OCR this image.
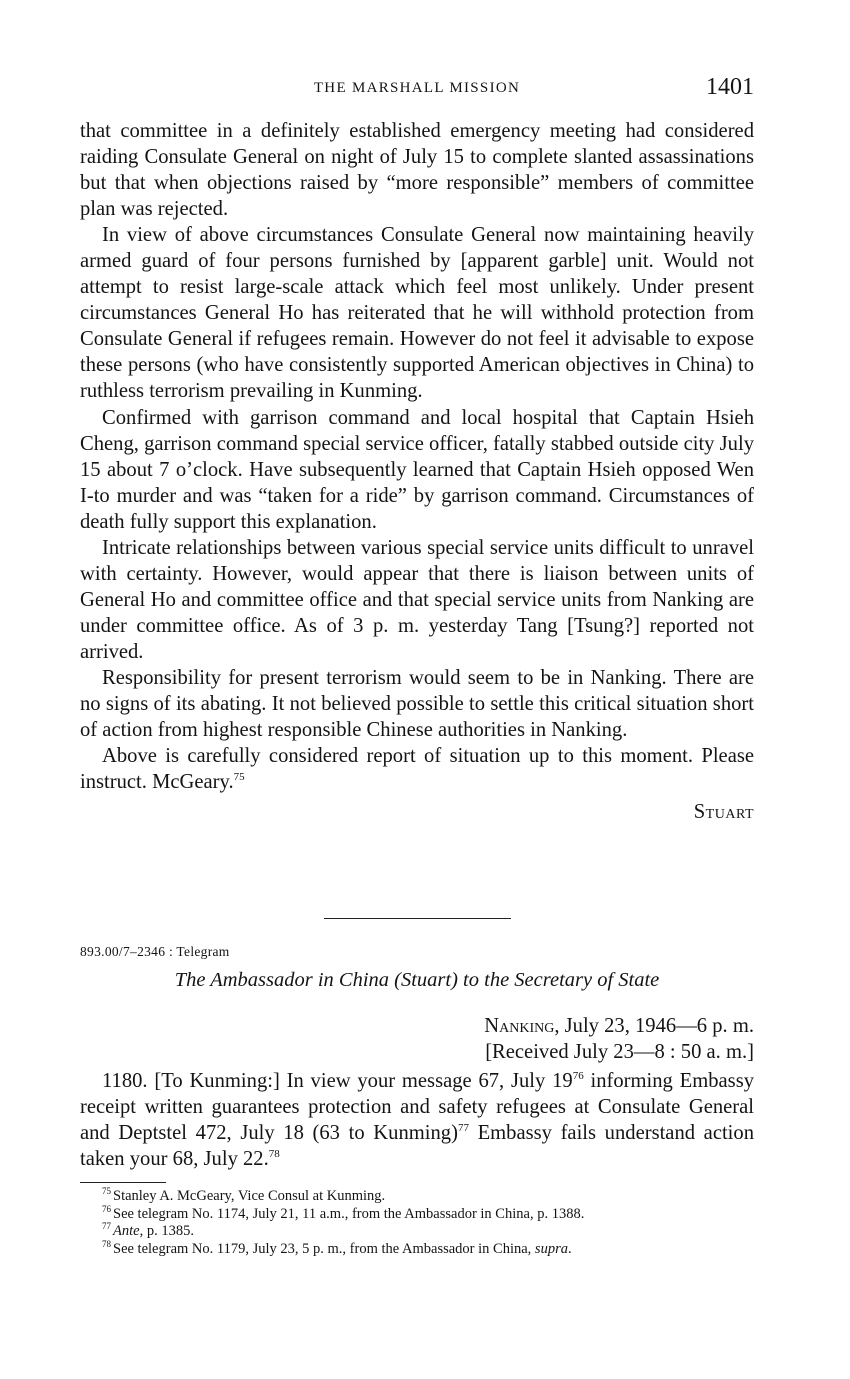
THE MARSHALL MISSION	1401

that committee in a definitely established emergency meeting had considered raiding Consulate General on night of July 15 to complete slanted assassinations but that when objections raised by “more responsible” members of committee plan was rejected.

In view of above circumstances Consulate General now maintaining heavily armed guard of four persons furnished by [apparent garble] unit. Would not attempt to resist large-scale attack which feel most unlikely. Under present circumstances General Ho has reiterated that he will withhold protection from Consulate General if refugees remain. However do not feel it advisable to expose these persons (who have consistently supported American objectives in China) to ruthless terrorism prevailing in Kunming.

Confirmed with garrison command and local hospital that Captain Hsieh Cheng, garrison command special service officer, fatally stabbed outside city July 15 about 7 o’clock. Have subsequently learned that Captain Hsieh opposed Wen I-to murder and was “taken for a ride” by garrison command. Circumstances of death fully support this explanation.

Intricate relationships between various special service units difficult to unravel with certainty. However, would appear that there is liaison between units of General Ho and committee office and that special service units from Nanking are under committee office. As of 3 p. m. yesterday Tang [Tsung?] reported not arrived.

Responsibility for present terrorism would seem to be in Nanking. There are no signs of its abating. It not believed possible to settle this critical situation short of action from highest responsible Chinese authorities in Nanking.

Above is carefully considered report of situation up to this moment. Please instruct. McGeary.$^{75}$

Stuart
893.00/7–2346 : Telegram
The Ambassador in China (Stuart) to the Secretary of State
Nanking, July 23, 1946—6 p. m.
[Received July 23—8 : 50 a. m.]

1180. [To Kunming:] In view your message 67, July 19$^{76}$ informing Embassy receipt written guarantees protection and safety refugees at Consulate General and Deptstel 472, July 18 (63 to Kunming)$^{77}$ Embassy fails understand action taken your 68, July 22.78

$^{75}$ Stanley A. McGeary, Vice Consul at Kunming.

$^{76}$ See telegram No. 1174, July 21, 11 a.m., from the Ambassador in China, p. 1388.

$^{77}$ Ante, p. 1385.

$^{78}$ See telegram No. 1179, July 23, 5 p. m., from the Ambassador in China, supra.
